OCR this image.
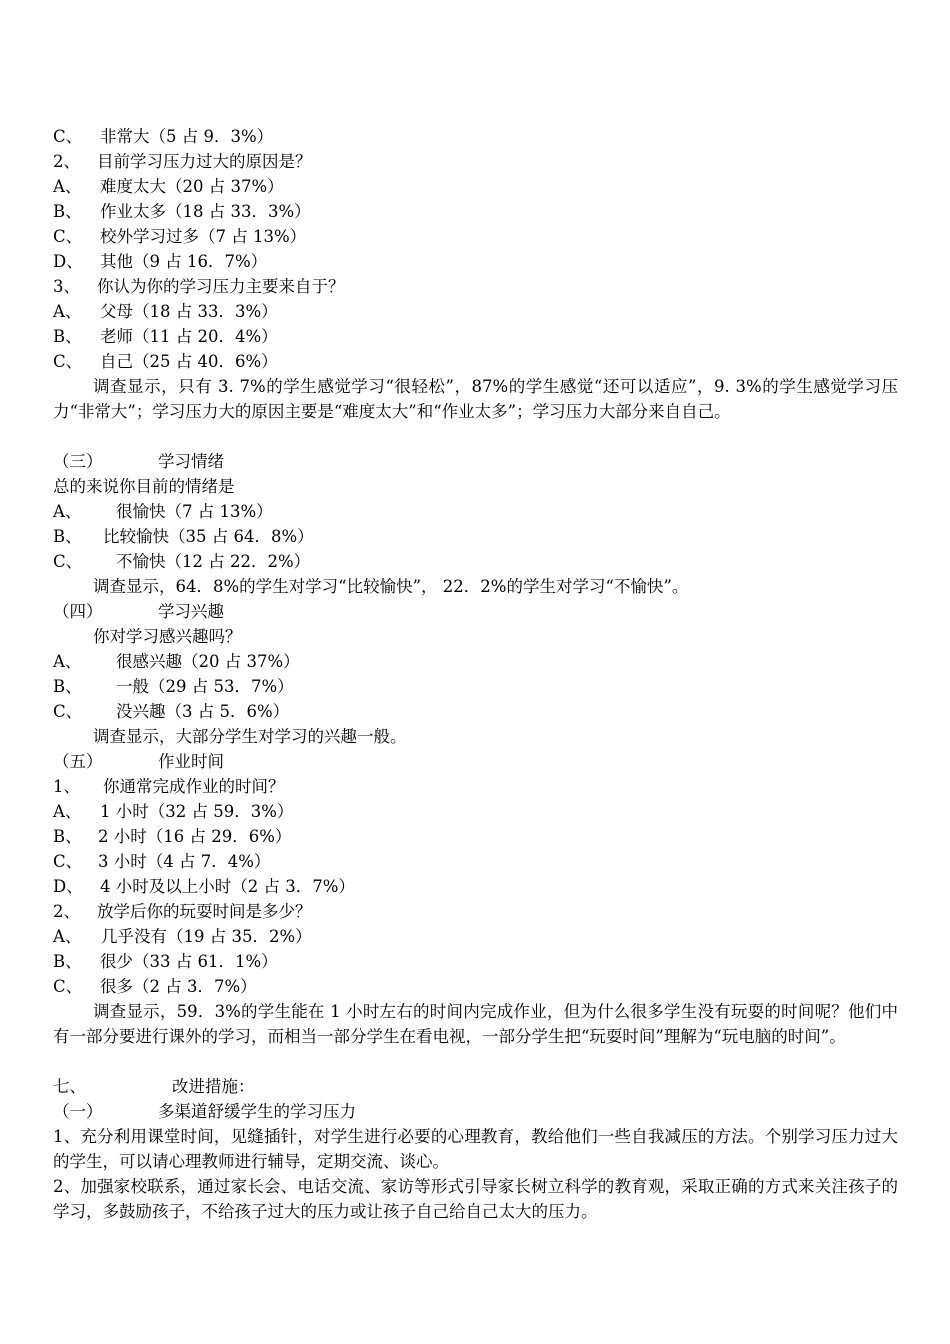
C、 非常大（5 占 9．3%）
2、 目前学习压力过大的原因是？
A、 难度太大（20 占 37%）
B、 作业太多（18 占 33．3%）
C、 校外学习过多（7 占 13%）
D、 其他（9 占 16．7%）
3、 你认为你的学习压力主要来自于？
A、 父母（18 占 33．3%）
B、 老师（11 占 20．4%）
C、 自己（25 占 40．6%）
调查显示，只有 3. 7%的学生感觉学习“很轻松”，87%的学生感觉“还可以适应”，9. 3%的学生感觉学习压力“非常大”；学习压力大的原因主要是“难度太大”和“作业太多”；学习压力大部分来自自己。
（三）	学习情绪
总的来说你目前的情绪是
A、 很愉快（7 占 13%）
B、 比较愉快（35 占 64．8%）
C、 不愉快（12 占 22．2%）
调查显示，64．8%的学生对学习“比较愉快”， 22．2%的学生对学习“不愉快”。
（四）	学习兴趣
你对学习感兴趣吗？
A、 很感兴趣（20 占 37%）
B、 一般（29 占 53．7%）
C、 没兴趣（3 占 5．6%）
调查显示，大部分学生对学习的兴趣一般。
（五）	作业时间
1、 你通常完成作业的时间？
A、 1 小时（32 占 59．3%）
B、 2 小时（16 占 29．6%）
C、 3 小时（4 占 7．4%）
D、 4 小时及以上小时（2 占 3．7%）
2、 放学后你的玩耍时间是多少？
A、 几乎没有（19 占 35．2%）
B、 很少（33 占 61．1%）
C、 很多（2 占 3．7%）
调查显示，59．3%的学生能在 1 小时左右的时间内完成作业，但为什么很多学生没有玩耍的时间呢？他们中有一部分要进行课外的学习，而相当一部分学生在看电视，一部分学生把“玩耍时间”理解为“玩电脑的时间”。
七、	改进措施：
（一）	多渠道舒缓学生的学习压力
1、充分利用课堂时间，见缝插针，对学生进行必要的心理教育，教给他们一些自我减压的方法。个别学习压力过大的学生，可以请心理教师进行辅导，定期交流、谈心。
2、加强家校联系，通过家长会、电话交流、家访等形式引导家长树立科学的教育观，采取正确的方式来关注孩子的学习，多鼓励孩子，不给孩子过大的压力或让孩子自己给自己太大的压力。
